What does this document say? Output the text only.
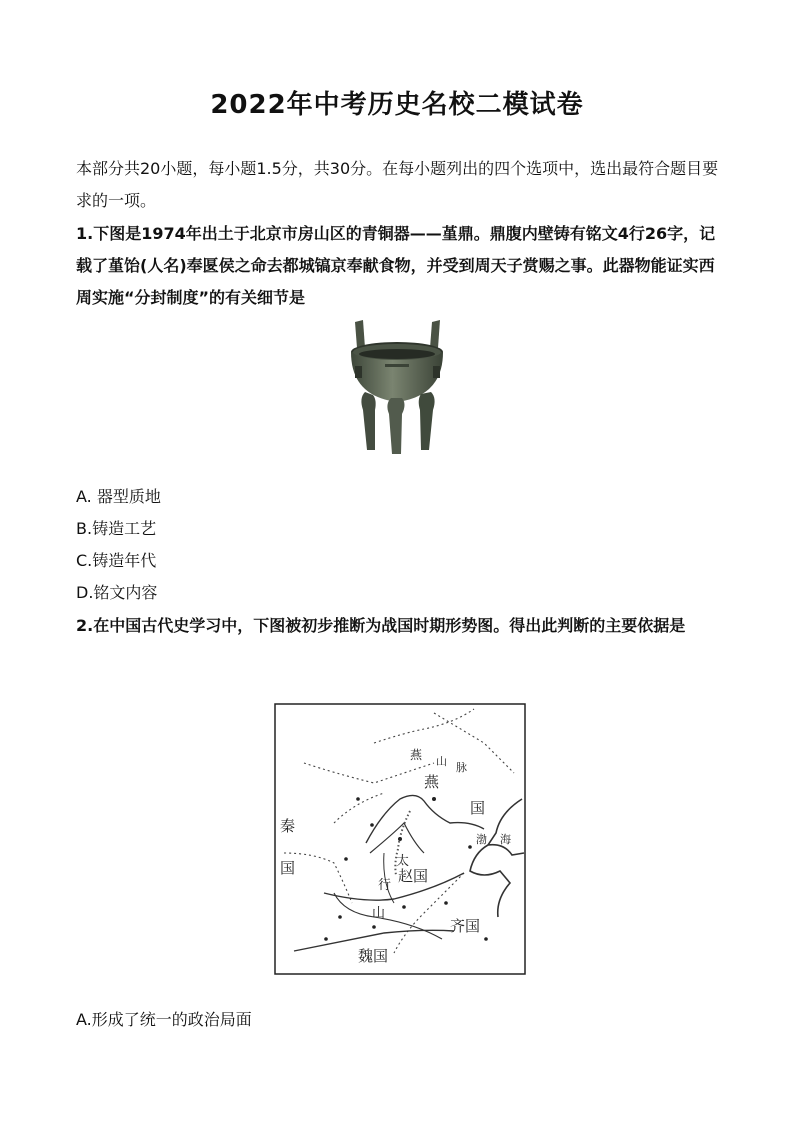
2022年中考历史名校二模试卷
本部分共20小题，每小题1.5分，共30分。在每小题列出的四个选项中，选出最符合题目要求的一项。
1.下图是1974年出土于北京市房山区的青铜器——堇鼎。鼎腹内壁铸有铭文4行26字，记载了堇饴(人名)奉匽侯之命去都城镐京奉献食物，并受到周天子赏赐之事。此器物能证实西周实施“分封制度”的有关细节是
A. 器型质地
B.铸造工艺
C.铸造年代
D.铭文内容
2.在中国古代史学习中，下图被初步推断为战国时期形势图。得出此判断的主要依据是
燕 山 脉
燕
国
秦
国
渤 海
太
行
山
赵国
齐国
魏国
A.形成了统一的政治局面
